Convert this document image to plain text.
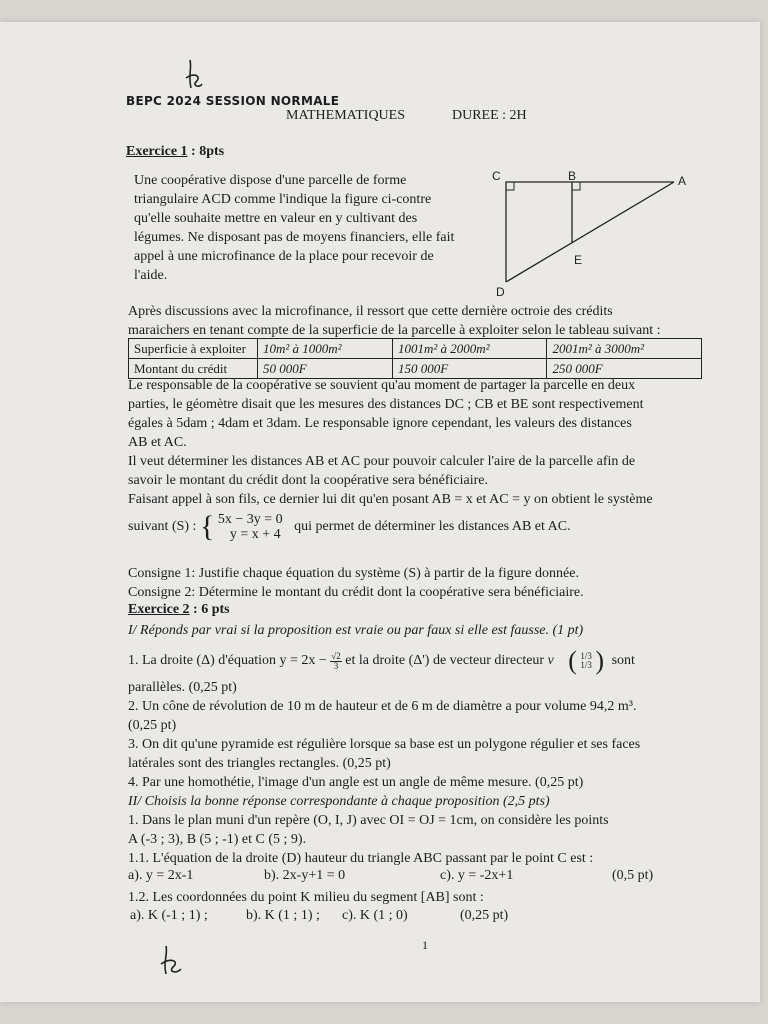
BEPC 2024 SESSION NORMALE
MATHEMATIQUES	DUREE : 2H
Exercice 1 : 8pts

Une coopérative dispose d'une parcelle de forme

triangulaire ACD comme l'indique la figure ci-contre

qu'elle souhaite mettre en valeur en y cultivant des

légumes. Ne disposant pas de moyens financiers, elle fait

appel à une microfinance de la place pour recevoir de

l'aide.

C	B	A
E
D

Après discussions avec la microfinance, il ressort que cette dernière octroie des crédits

maraichers en tenant compte de la superficie de la parcelle à exploiter selon le tableau suivant :

Superficie à exploiter	10m² à 1000m²	1001m² à 2000m²	2001m² à 3000m²
Montant du crédit	50 000F	150 000F	250 000F

Le responsable de la coopérative se souvient qu'au moment de partager la parcelle en deux

parties, le géomètre disait que les mesures des distances DC ; CB et BE sont respectivement

égales à 5dam ; 4dam et 3dam. Le responsable ignore cependant, les valeurs des distances

AB et AC.

Il veut déterminer les distances AB et AC pour pouvoir calculer l'aire de la parcelle afin de

savoir le montant du crédit dont la coopérative sera bénéficiaire.

Faisant appel à son fils, ce dernier lui dit qu'en posant AB = x et AC = y on obtient le système

suivant (S) : { 5x − 3y = 0
y = x + 4
qui permet de déterminer les distances AB et AC.

Consigne 1: Justifie chaque équation du système (S) à partir de la figure donnée.

Consigne 2: Détermine le montant du crédit dont la coopérative sera bénéficiaire.

Exercice 2 : 6 pts

I/ Réponds par vrai si la proposition est vraie ou par faux si elle est fausse. (1 pt)

1. La droite (Δ) d'équation $y = 2x - \frac{√2}{3}$ et la droite (Δ') de vecteur directeur v⃗ ( 1/3
1/3 ) sont

parallèles. (0,25 pt)

2. Un cône de révolution de 10 m de hauteur et de 6 m de diamètre a pour volume 94,2 m³.

(0,25 pt)

3. On dit qu'une pyramide est régulière lorsque sa base est un polygone régulier et ses faces

latérales sont des triangles rectangles. (0,25 pt)

4. Par une homothétie, l'image d'un angle est un angle de même mesure. (0,25 pt)

II/ Choisis la bonne réponse correspondante à chaque proposition (2,5 pts)

1. Dans le plan muni d'un repère (O, I, J) avec OI = OJ = 1cm, on considère les points

A (-3 ; 3), B (5 ; -1) et C (5 ; 9).

1.1. L'équation de la droite (D) hauteur du triangle ABC passant par le point C est :

a). y = 2x-1	b). 2x-y+1 = 0	c). y = -2x+1	(0,5 pt)

1.2. Les coordonnées du point K milieu du segment [AB] sont :

a). K (-1 ; 1) ;	b). K (1 ; 1) ; c). K (1 ; 0)	(0,25 pt)
1
